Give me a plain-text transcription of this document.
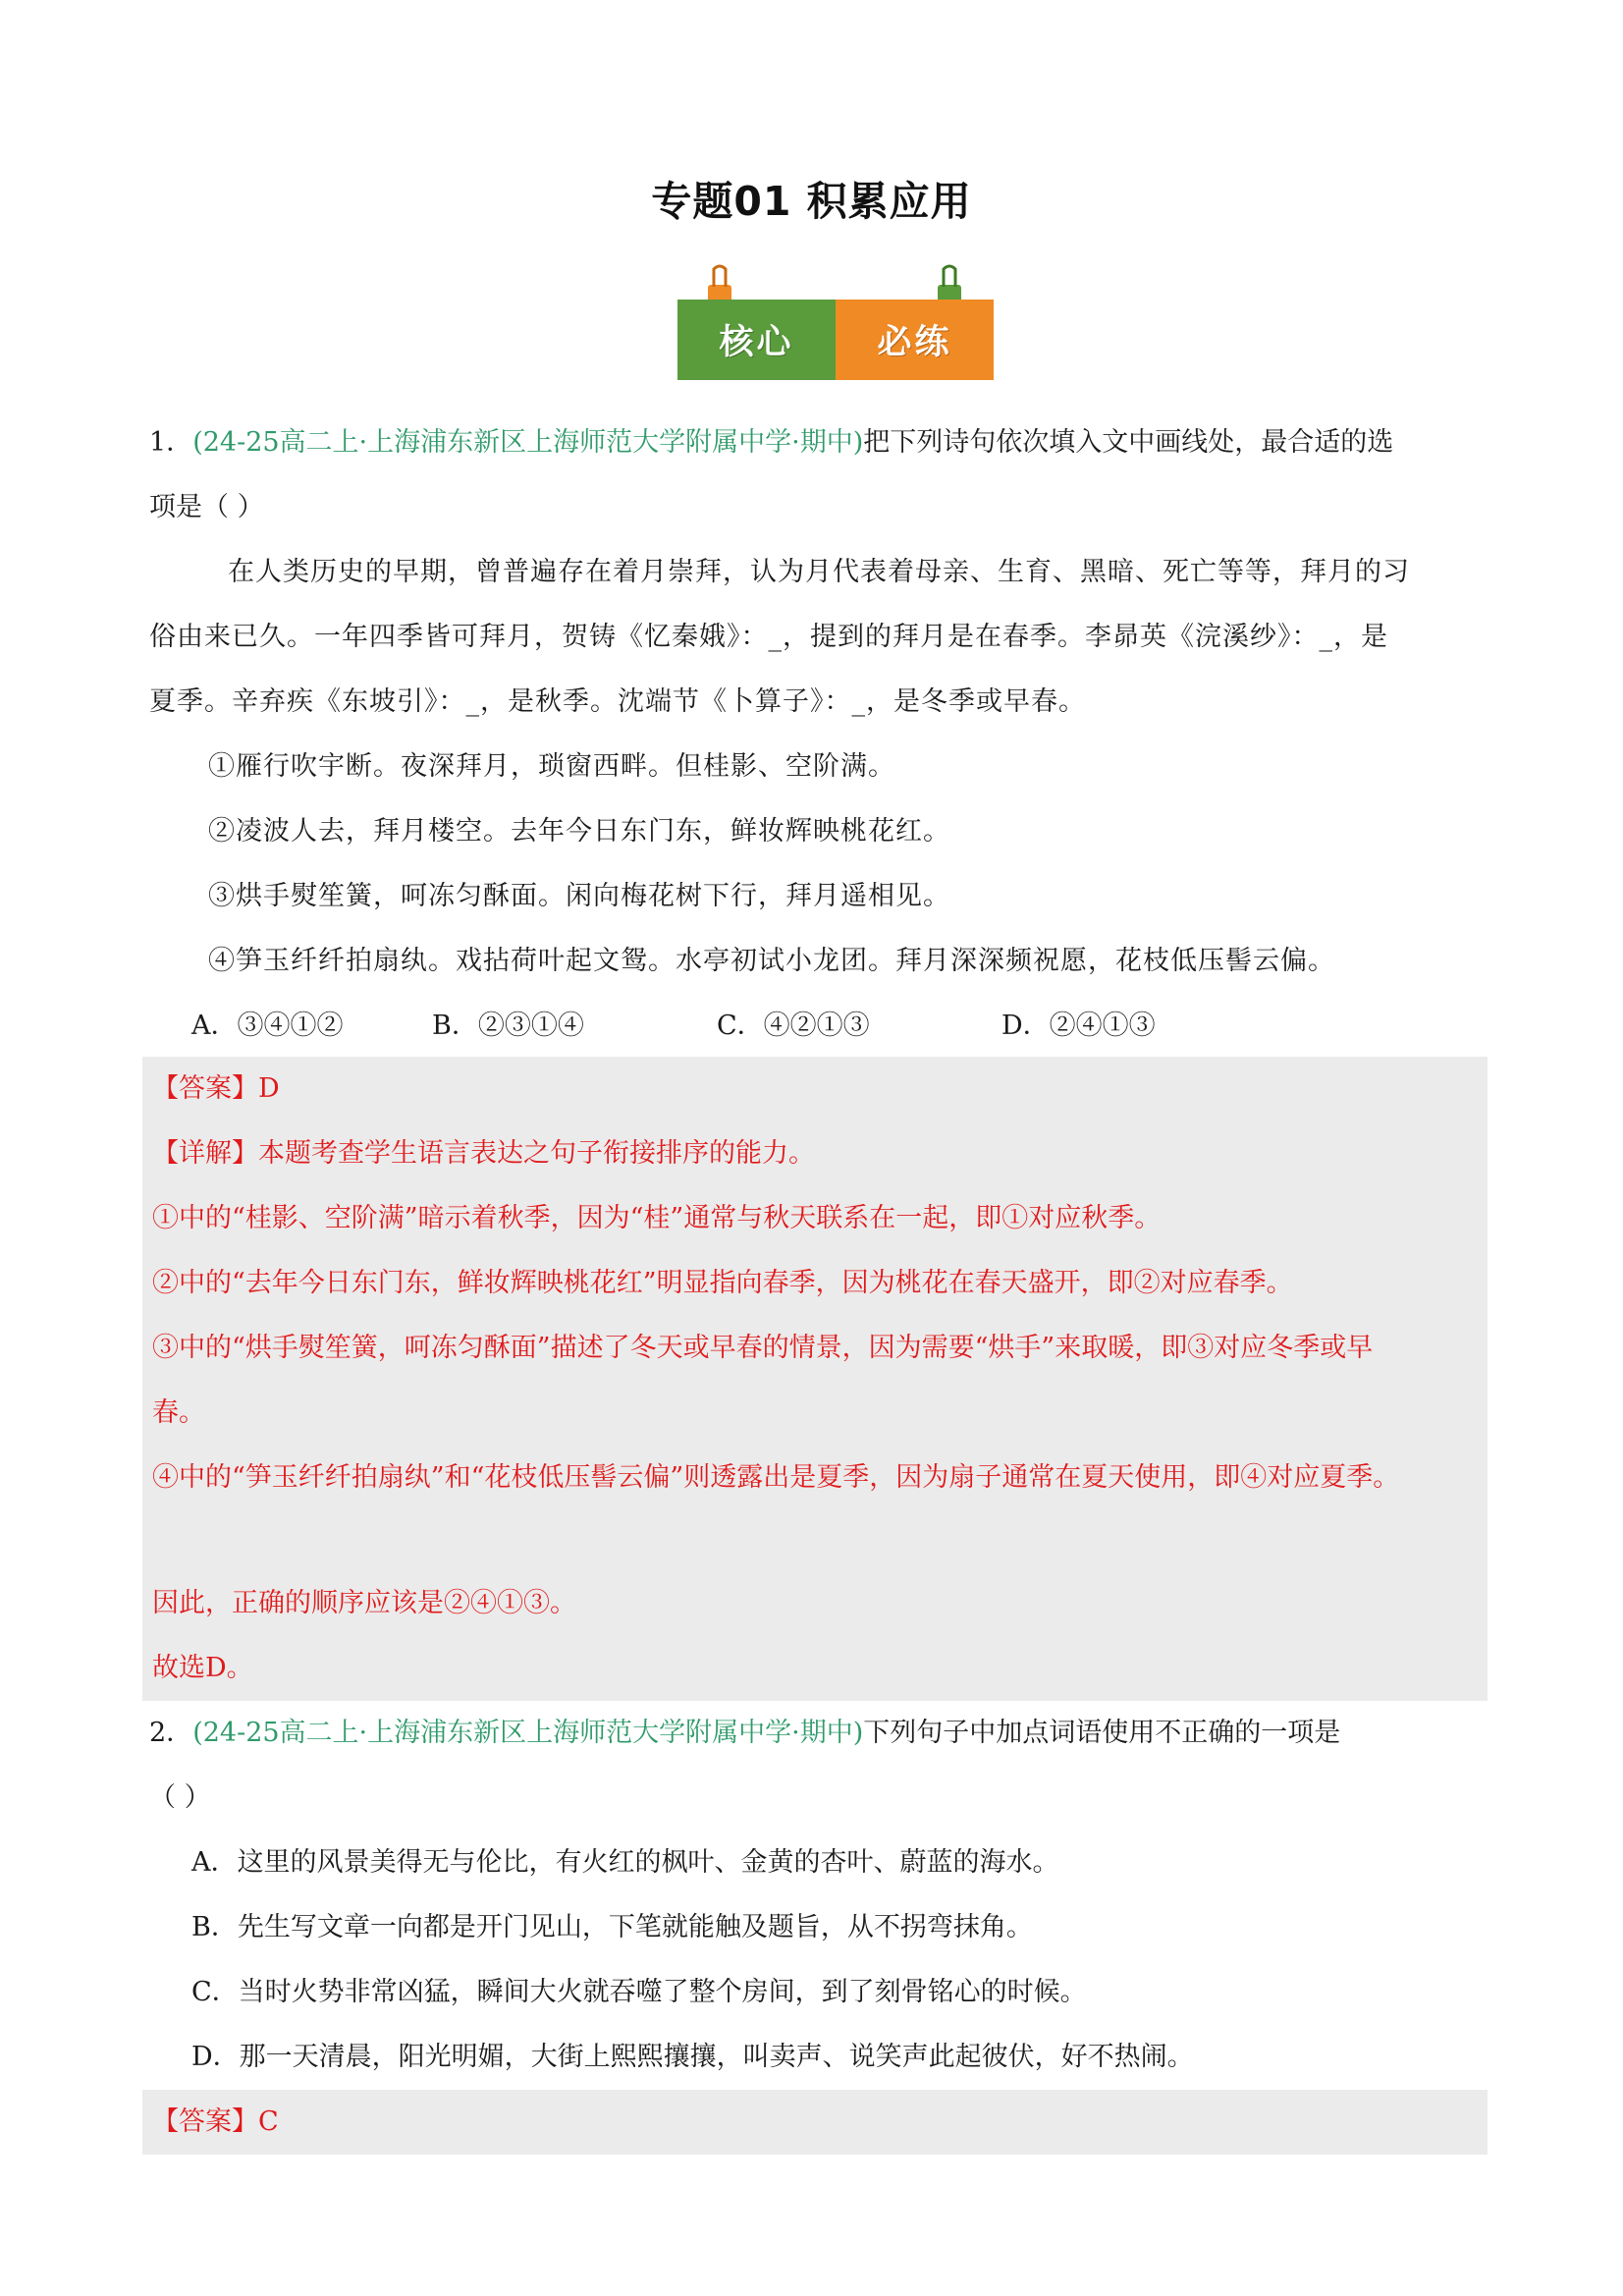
专题01 积累应用
核心	必练
1．(24-25高二上·上海浦东新区上海师范大学附属中学·期中)把下列诗句依次填入文中画线处，最合适的选
项是（ ）
在人类历史的早期，曾普遍存在着月崇拜，认为月代表着母亲、生育、黑暗、死亡等等，拜月的习
俗由来已久。一年四季皆可拜月，贺铸《忆秦娥》：_，提到的拜月是在春季。李昴英《浣溪纱》：_，是
夏季。辛弃疾《东坡引》：_，是秋季。沈端节《卜算子》：_，是冬季或早春。
①雁行吹宇断。夜深拜月，琐窗西畔。但桂影、空阶满。
②凌波人去，拜月楼空。去年今日东门东，鲜妆辉映桃花红。
③烘手熨笙簧，呵冻匀酥面。闲向梅花树下行，拜月遥相见。
④笋玉纤纤拍扇纨。戏拈荷叶起文鸳。水亭初试小龙团。拜月深深频祝愿，花枝低压髻云偏。
A．③④①②	B．②③①④	C．④②①③	D．②④①③
【答案】D
【详解】本题考查学生语言表达之句子衔接排序的能力。
①中的“桂影、空阶满”暗示着秋季，因为“桂”通常与秋天联系在一起，即①对应秋季。
②中的“去年今日东门东，鲜妆辉映桃花红”明显指向春季，因为桃花在春天盛开，即②对应春季。
③中的“烘手熨笙簧，呵冻匀酥面”描述了冬天或早春的情景，因为需要“烘手”来取暖，即③对应冬季或早
春。
④中的“笋玉纤纤拍扇纨”和“花枝低压髻云偏”则透露出是夏季，因为扇子通常在夏天使用，即④对应夏季。
因此，正确的顺序应该是②④①③。
故选D。
2．(24-25高二上·上海浦东新区上海师范大学附属中学·期中)下列句子中加点词语使用不正确的一项是
（ ）
A．这里的风景美得无与伦比，有火红的枫叶、金黄的杏叶、蔚蓝的海水。
B．先生写文章一向都是开门见山，下笔就能触及题旨，从不拐弯抹角。
C．当时火势非常凶猛，瞬间大火就吞噬了整个房间，到了刻骨铭心的时候。
D．那一天清晨，阳光明媚，大街上熙熙攘攘，叫卖声、说笑声此起彼伏，好不热闹。
【答案】C
